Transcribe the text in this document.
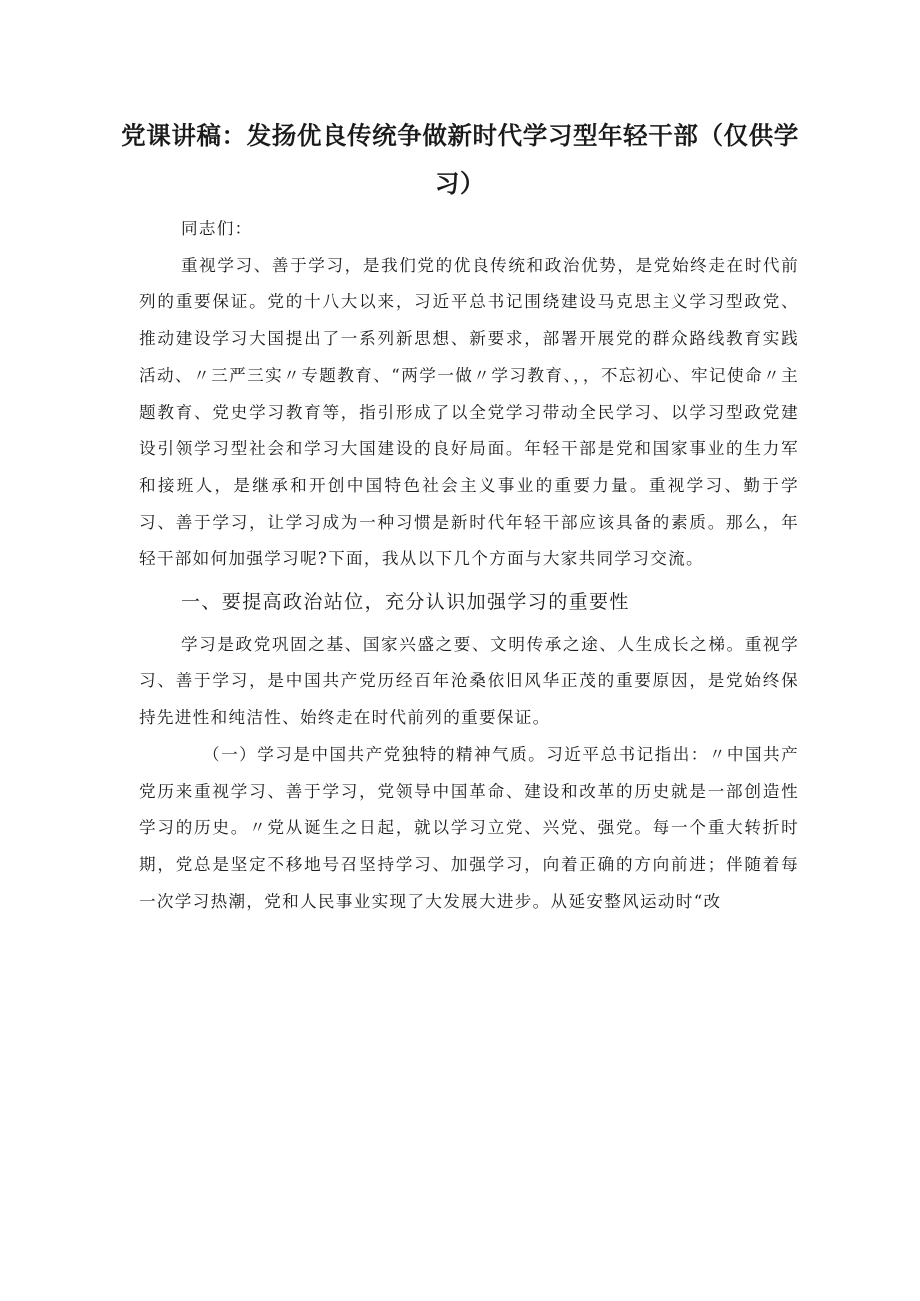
党课讲稿：发扬优良传统争做新时代学习型年轻干部（仅供学习）

同志们：

重视学习、善于学习，是我们党的优良传统和政治优势，是党始终走在时代前列的重要保证。党的十八大以来，习近平总书记围绕建设马克思主义学习型政党、推动建设学习大国提出了一系列新思想、新要求，部署开展党的群众路线教育实践活动、〃三严三实〃专题教育、“两学一做〃学习教育、，，不忘初心、牢记使命〃主题教育、党史学习教育等，指引形成了以全党学习带动全民学习、以学习型政党建设引领学习型社会和学习大国建设的良好局面。年轻干部是党和国家事业的生力军和接班人，是继承和开创中国特色社会主义事业的重要力量。重视学习、勤于学习、善于学习，让学习成为一种习惯是新时代年轻干部应该具备的素质。那么，年轻干部如何加强学习呢?下面，我从以下几个方面与大家共同学习交流。

一、要提高政治站位，充分认识加强学习的重要性

学习是政党巩固之基、国家兴盛之要、文明传承之途、人生成长之梯。重视学习、善于学习，是中国共产党历经百年沧桑依旧风华正茂的重要原因，是党始终保持先进性和纯洁性、始终走在时代前列的重要保证。

（一）学习是中国共产党独特的精神气质。习近平总书记指出：〃中国共产党历来重视学习、善于学习，党领导中国革命、建设和改革的历史就是一部创造性学习的历史。〃党从诞生之日起，就以学习立党、兴党、强党。每一个重大转折时期，党总是坚定不移地号召坚持学习、加强学习，向着正确的方向前进；伴随着每一次学习热潮，党和人民事业实现了大发展大进步。从延安整风运动时“改
